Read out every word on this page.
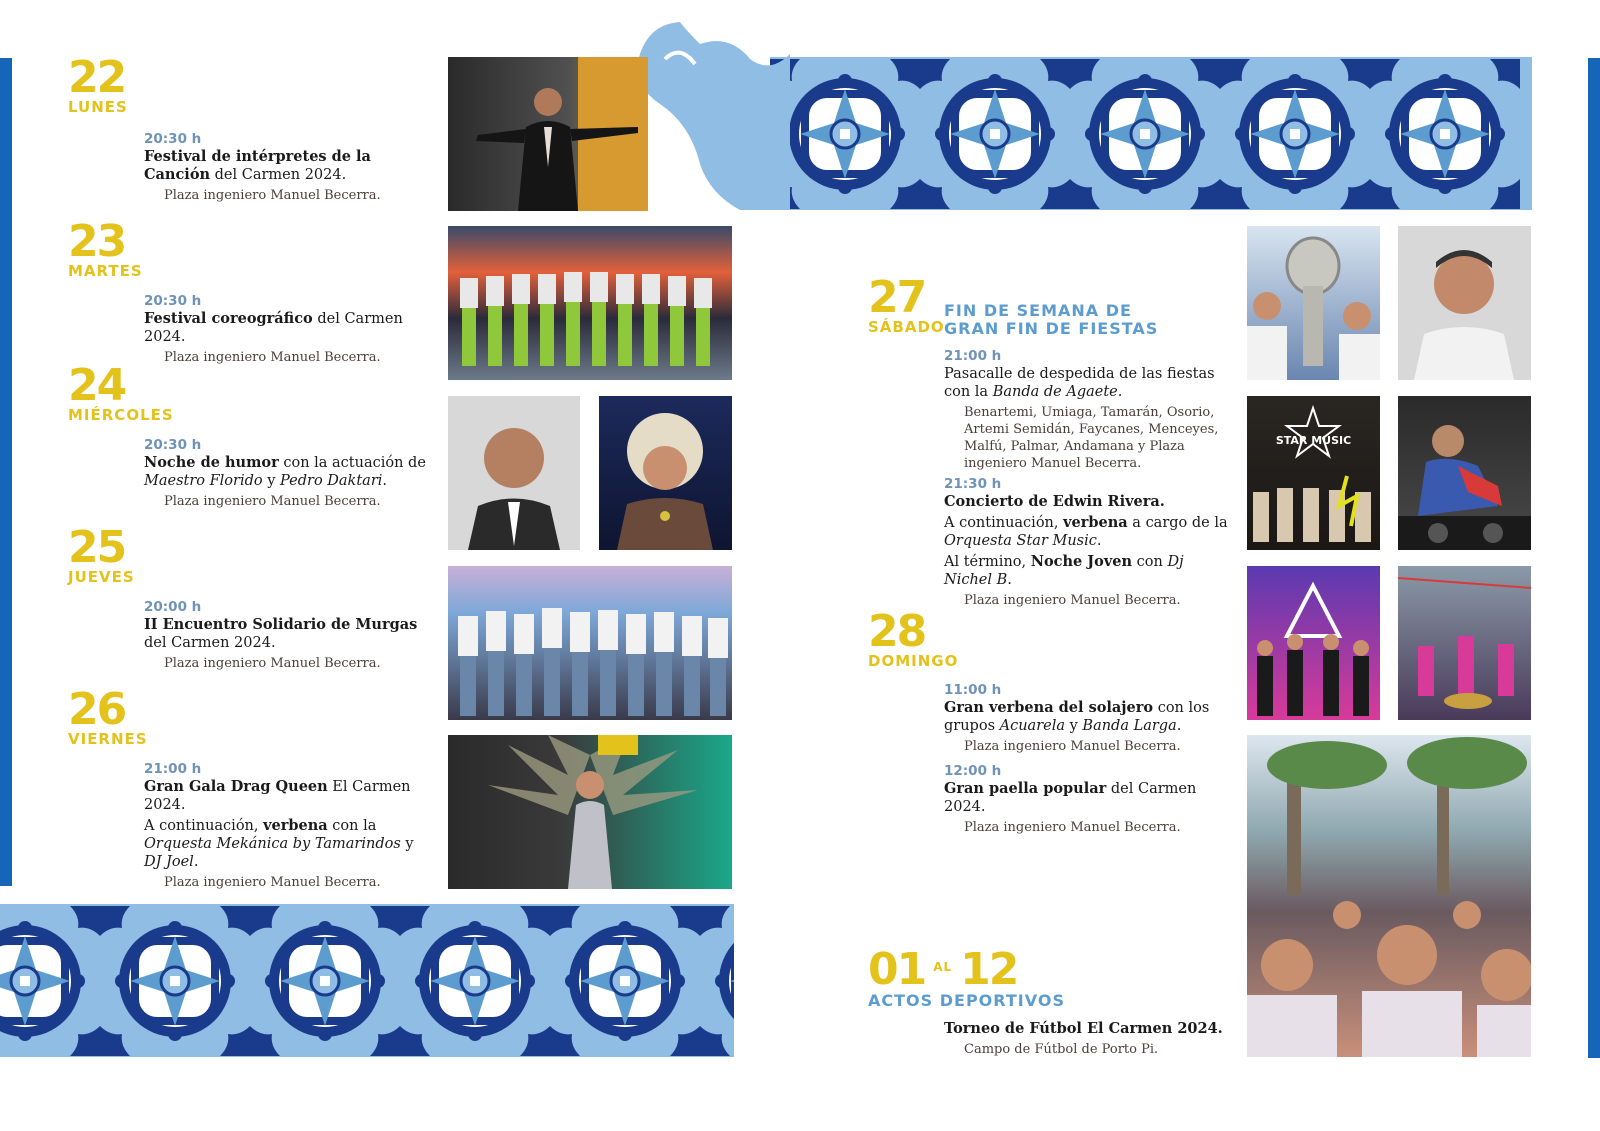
22
LUNES
20:30 h
Festival de intérpretes de la Canción del Carmen 2024.
Plaza ingeniero Manuel Becerra.
23
MARTES
20:30 h
Festival coreográfico del Carmen 2024.
Plaza ingeniero Manuel Becerra.
24
MIÉRCOLES
20:30 h
Noche de humor con la actuación de
Maestro Florido y Pedro Daktari.
Plaza ingeniero Manuel Becerra.
25
JUEVES
20:00 h
II Encuentro Solidario de Murgas del Carmen 2024.
Plaza ingeniero Manuel Becerra.
26
VIERNES
21:00 h
Gran Gala Drag Queen El Carmen 2024.
A continuación, verbena con la Orquesta Mekánica by Tamarindos y DJ Joel.
Plaza ingeniero Manuel Becerra.
27
SÁBADO
FIN DE SEMANA DE
GRAN FIN DE FIESTAS
21:00 h
Pasacalle de despedida de las fiestas con la Banda de Agaete.
Benartemi, Umiaga, Tamarán, Osorio, Artemi Semidán, Faycanes, Menceyes, Malfú, Palmar, Andamana y Plaza ingeniero Manuel Becerra.
21:30 h
Concierto de Edwin Rivera.
A continuación, verbena a cargo de la Orquesta Star Music.
Al término, Noche Joven con Dj Nichel B.
Plaza ingeniero Manuel Becerra.
28
DOMINGO
11:00 h
Gran verbena del solajero con los grupos Acuarela y Banda Larga.
Plaza ingeniero Manuel Becerra.
12:00 h
Gran paella popular del Carmen 2024.
Plaza ingeniero Manuel Becerra.
01 AL 12
ACTOS DEPORTIVOS
Torneo de Fútbol El Carmen 2024.
Campo de Fútbol de Porto Pi.
STAR MUSIC
